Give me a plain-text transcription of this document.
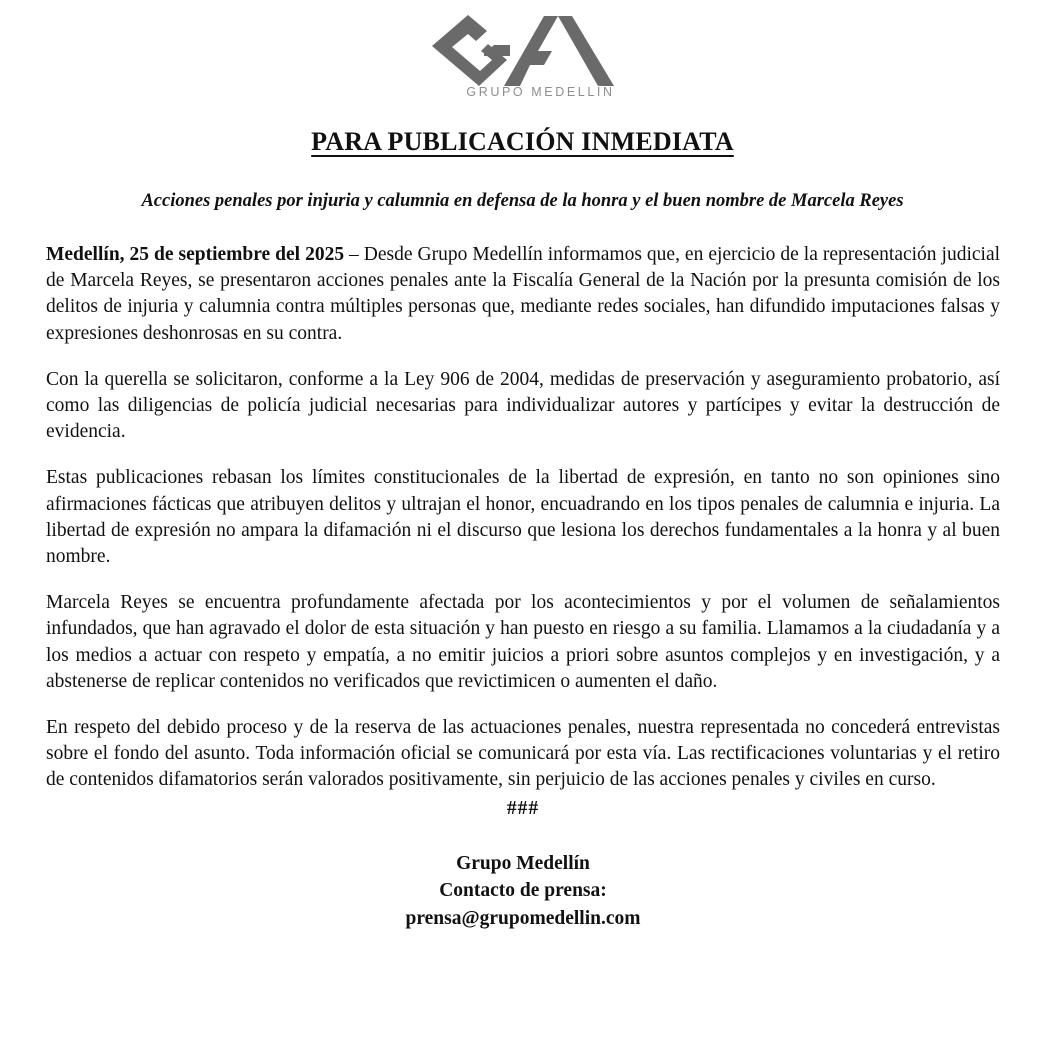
GRUPO MEDELLÍN
PARA PUBLICACIÓN INMEDIATA
Acciones penales por injuria y calumnia en defensa de la honra y el buen nombre de Marcela Reyes

Medellín, 25 de septiembre del 2025 – Desde Grupo Medellín informamos que, en ejercicio de la representación judicial de Marcela Reyes, se presentaron acciones penales ante la Fiscalía General de la Nación por la presunta comisión de los delitos de injuria y calumnia contra múltiples personas que, mediante redes sociales, han difundido imputaciones falsas y expresiones deshonrosas en su contra.

Con la querella se solicitaron, conforme a la Ley 906 de 2004, medidas de preservación y aseguramiento probatorio, así como las diligencias de policía judicial necesarias para individualizar autores y partícipes y evitar la destrucción de evidencia.

Estas publicaciones rebasan los límites constitucionales de la libertad de expresión, en tanto no son opiniones sino afirmaciones fácticas que atribuyen delitos y ultrajan el honor, encuadrando en los tipos penales de calumnia e injuria. La libertad de expresión no ampara la difamación ni el discurso que lesiona los derechos fundamentales a la honra y al buen nombre.

Marcela Reyes se encuentra profundamente afectada por los acontecimientos y por el volumen de señalamientos infundados, que han agravado el dolor de esta situación y han puesto en riesgo a su familia. Llamamos a la ciudadanía y a los medios a actuar con respeto y empatía, a no emitir juicios a priori sobre asuntos complejos y en investigación, y a abstenerse de replicar contenidos no verificados que revictimicen o aumenten el daño.

En respeto del debido proceso y de la reserva de las actuaciones penales, nuestra representada no concederá entrevistas sobre el fondo del asunto. Toda información oficial se comunicará por esta vía. Las rectificaciones voluntarias y el retiro de contenidos difamatorios serán valorados positivamente, sin perjuicio de las acciones penales y civiles en curso.

###
Grupo Medellín
Contacto de prensa:
prensa@grupomedellin.com
